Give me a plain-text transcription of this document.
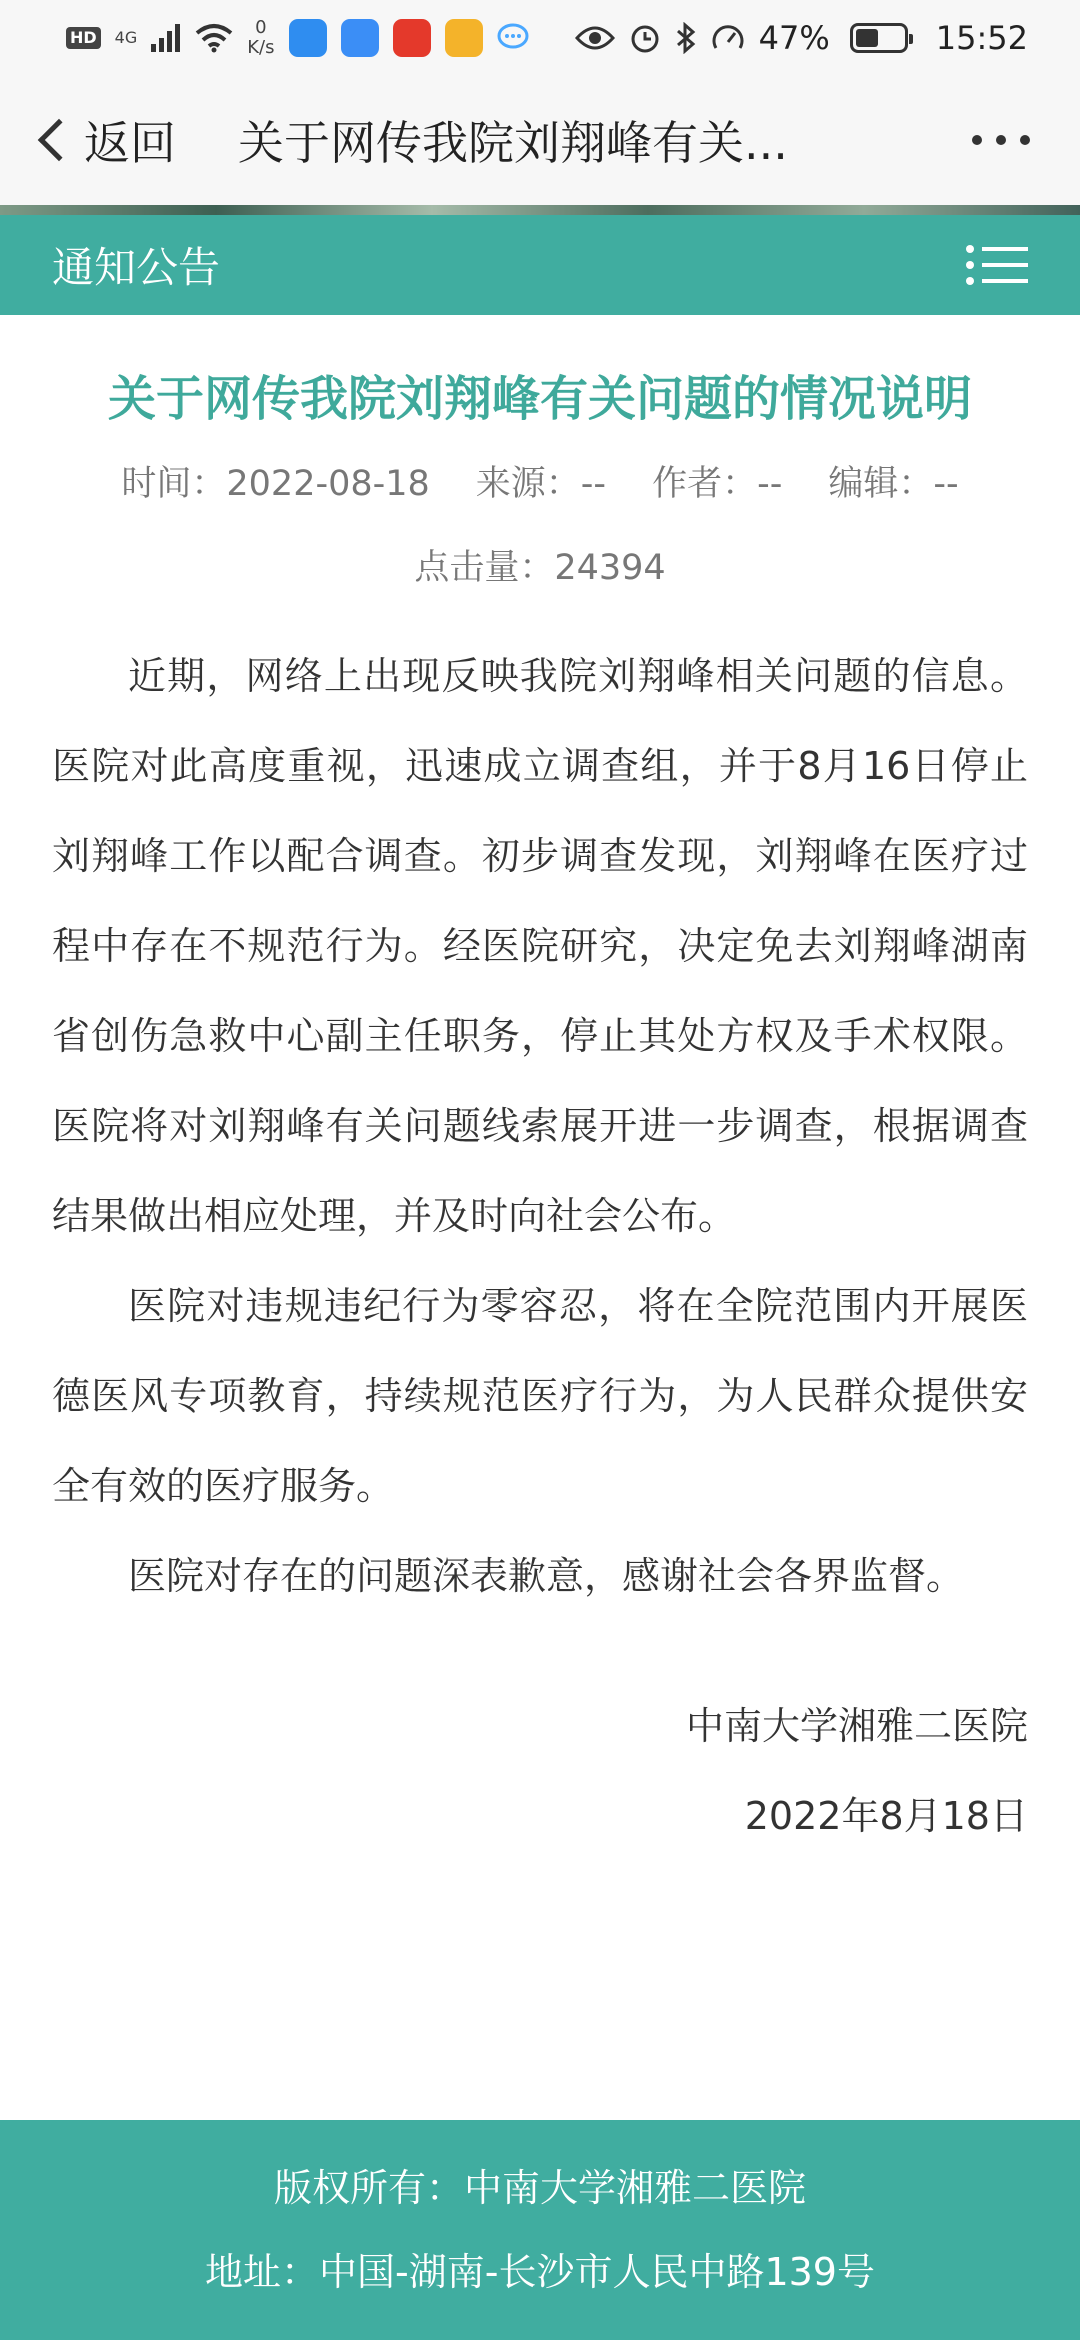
HD 4G	0
K/s	47%	15:52
返回 关于网传我院刘翔峰有关...
通知公告
关于网传我院刘翔峰有关问题的情况说明
时间：2022-08-18 来源：-- 作者：-- 编辑：--
点击量：24394

近期，网络上出现反映我院刘翔峰相关问题的信息。医院对此高度重视，迅速成立调查组，并于8月16日停止刘翔峰工作以配合调查。初步调查发现，刘翔峰在医疗过程中存在不规范行为。经医院研究，决定免去刘翔峰湖南省创伤急救中心副主任职务，停止其处方权及手术权限。医院将对刘翔峰有关问题线索展开进一步调查，根据调查结果做出相应处理，并及时向社会公布。

医院对违规违纪行为零容忍，将在全院范围内开展医德医风专项教育，持续规范医疗行为，为人民群众提供安全有效的医疗服务。

医院对存在的问题深表歉意，感谢社会各界监督。

中南大学湘雅二医院
2022年8月18日
版权所有：中南大学湘雅二医院
地址：中国-湖南-长沙市人民中路139号
